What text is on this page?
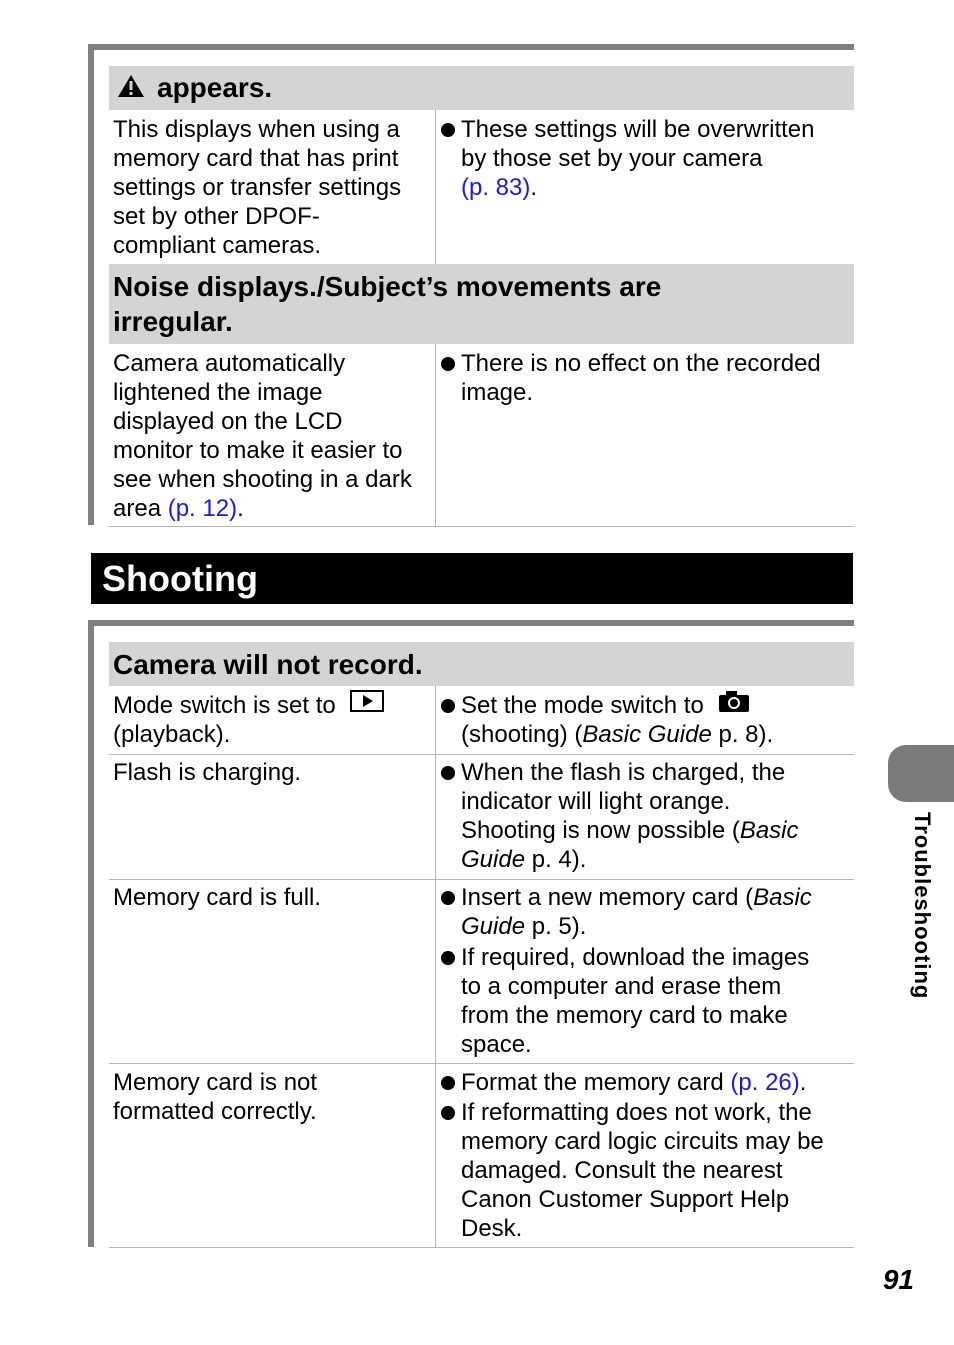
appears.
This displays when using a
memory card that has print
settings or transfer settings
set by other DPOF-
compliant cameras.
These settings will be overwritten
by those set by your camera
(p. 83).
Noise displays./Subject’s movements are
irregular.
Camera automatically
lightened the image
displayed on the LCD
monitor to make it easier to
see when shooting in a dark
area (p. 12).
There is no effect on the recorded
image.
Shooting
Camera will not record.
Mode switch is set to
(playback).
Set the mode switch to
(shooting) (Basic Guide p. 8).
Flash is charging.	When the flash is charged, the
indicator will light orange.
Shooting is now possible (Basic
Guide p. 4).
Memory card is full.	Insert a new memory card (Basic
Guide p. 5).
If required, download the images
to a computer and erase them
from the memory card to make
space.
Memory card is not
formatted correctly.
Format the memory card (p. 26).
If reformatting does not work, the
memory card logic circuits may be
damaged. Consult the nearest
Canon Customer Support Help
Desk.
Troubleshooting
91
